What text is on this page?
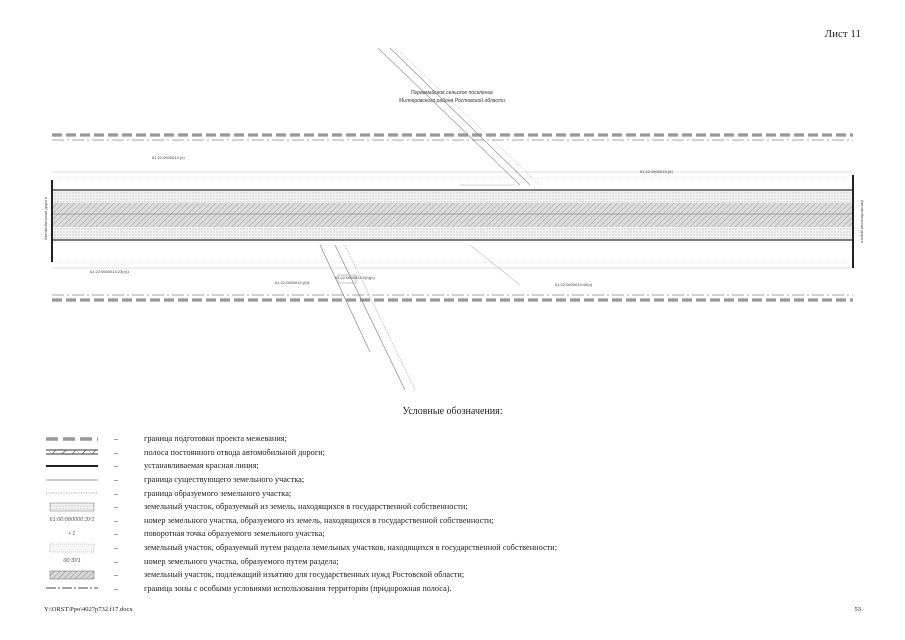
Лист 11
Первомайское сельское поселение
Миллеровского района Ростовской области
61:22:0600014:(н)
61:22:0600015:(н)
61:22:0600014:23(н)1
61:22:0600014:(н)1
61:22:0600014:2(н)(н)
61:22:0600015:45(н)
Автомобильная дорога	Автомобильная дорога
Условные обозначения:
–	граница подготовки проекта межевания;
–	полоса постоянного отвода автомобильной дороги;
–	устанавливаемая красная линия;
–	граница существующего земельного участка;
–	граница образуемого земельного участка;
–	земельный участок, образуемый из земель, находящихся в государственной собственности;
61:00:000000:ЗУ1 –	номер земельного участка, образуемого из земель, находящихся в государственной собственности;
• 1	–	поворотная точка образуемого земельного участка;
–	земельный участок, образуемый путем раздела земельных участков, находящихся в государственной собственности;
00:ЗУ1	–	номер земельного участка, образуемого путем раздела;
–	земельный участок, подлежащий изъятию для государственных нужд Ростовской области;
–	граница зоны с особыми условиями использования территории (придорожная полоса).
Y:\ORST\Ppo\4027p732.f17.docx	53
